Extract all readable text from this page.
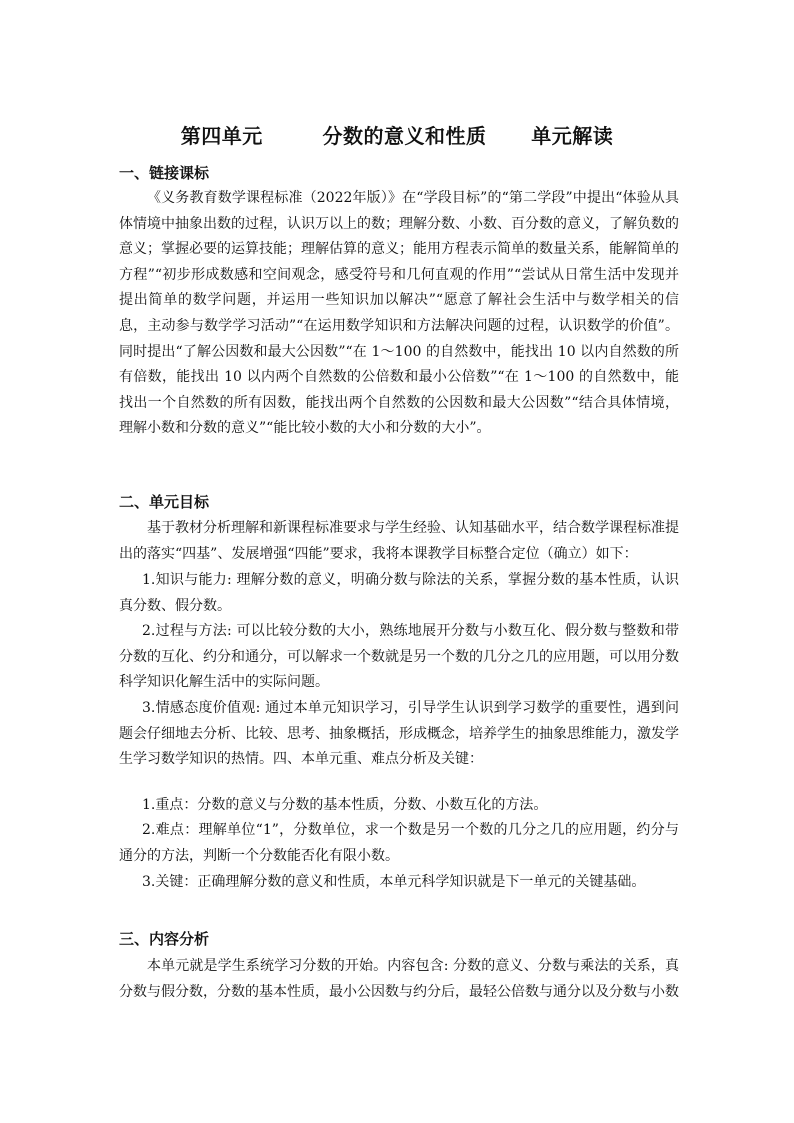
第四单元        分数的意义和性质      单元解读
一、链接课标

《义务教育数学课程标准（2022年版）》在“学段目标”的“第二学段”中提出“体验从具体情境中抽象出数的过程，认识万以上的数；理解分数、小数、百分数的意义，了解负数的意义；掌握必要的运算技能；理解估算的意义；能用方程表示简单的数量关系，能解简单的方程”“初步形成数感和空间观念，感受符号和几何直观的作用”“尝试从日常生活中发现并提出简单的数学问题，并运用一些知识加以解决”“愿意了解社会生活中与数学相关的信息，主动参与数学学习活动”“在运用数学知识和方法解决问题的过程，认识数学的价值”。同时提出“了解公因数和最大公因数”“在 1～100 的自然数中，能找出 10 以内自然数的所有倍数，能找出 10 以内两个自然数的公倍数和最小公倍数”“在 1～100 的自然数中，能找出一个自然数的所有因数，能找出两个自然数的公因数和最大公因数”“结合具体情境，理解小数和分数的意义”“能比较小数的大小和分数的大小”。

二、单元目标

基于教材分析理解和新课程标准要求与学生经验、认知基础水平，结合数学课程标准提出的落实“四基”、发展增强“四能”要求，我将本课教学目标整合定位（确立）如下：

1.知识与能力: 理解分数的意义，明确分数与除法的关系，掌握分数的基本性质，认识真分数、假分数。

2.过程与方法: 可以比较分数的大小，熟练地展开分数与小数互化、假分数与整数和带分数的互化、约分和通分，可以解求一个数就是另一个数的几分之几的应用题，可以用分数科学知识化解生活中的实际问题。

3.情感态度价值观: 通过本单元知识学习，引导学生认识到学习数学的重要性，遇到问题会仔细地去分析、比较、思考、抽象概括，形成概念，培养学生的抽象思维能力，激发学生学习数学知识的热情。四、本单元重、难点分析及关键：

1.重点：分数的意义与分数的基本性质，分数、小数互化的方法。

2.难点：理解单位“1”，分数单位，求一个数是另一个数的几分之几的应用题，约分与通分的方法，判断一个分数能否化有限小数。

3.关键：正确理解分数的意义和性质，本单元科学知识就是下一单元的关键基础。

三、内容分析

本单元就是学生系统学习分数的开始。内容包含: 分数的意义、分数与乘法的关系，真分数与假分数，分数的基本性质，最小公因数与约分后，最轻公倍数与通分以及分数与小数
